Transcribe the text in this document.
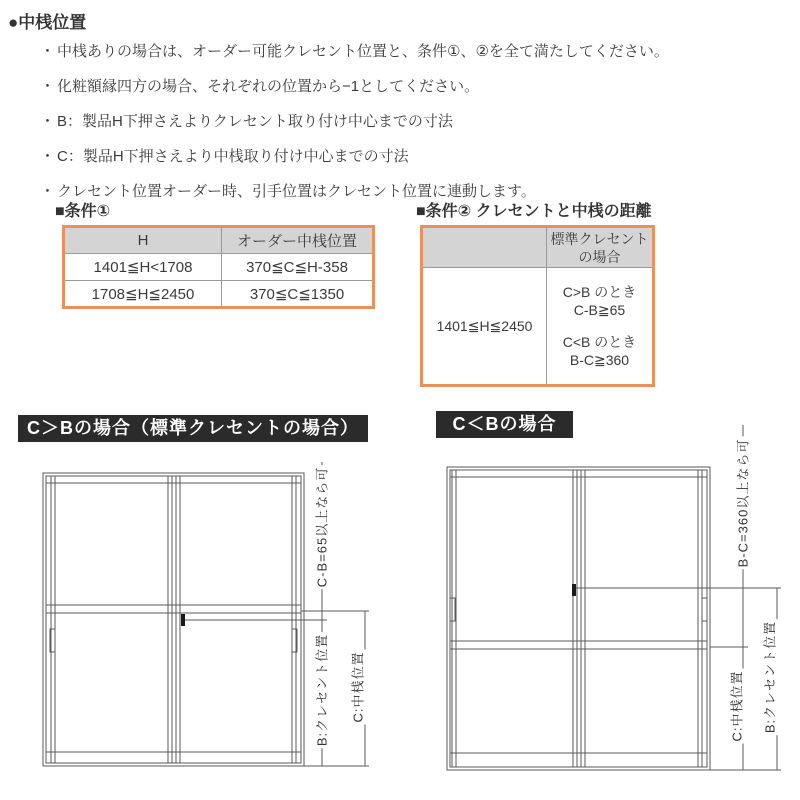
●中桟位置
・ 中桟ありの場合は、オーダー可能クレセント位置と、条件①、②を全て満たしてください。
・ 化粧額縁四方の場合、それぞれの位置から−1としてください。
・ B：製品H下押さえよりクレセント取り付け中心までの寸法
・ C：製品H下押さえより中桟取り付け中心までの寸法
・ クレセント位置オーダー時、引手位置はクレセント位置に連動します。
■条件①
H	オーダー中桟位置
1401≦H<1708	370≦C≦H-358
1708≦H≦2450	370≦C≦1350
■条件② クレセントと中桟の距離

	標準クレセント
の場合

1401≦H≦2450	C>B のとき
C-B≧65
C<B のとき
B-C≧360
C＞Bの場合（標準クレセントの場合）	C＜Bの場合
C-B=65以上なら可
B:クレセント位置 C:中桟位置
B-C=360以上なら可
C:中桟位置 B:クレセント位置
